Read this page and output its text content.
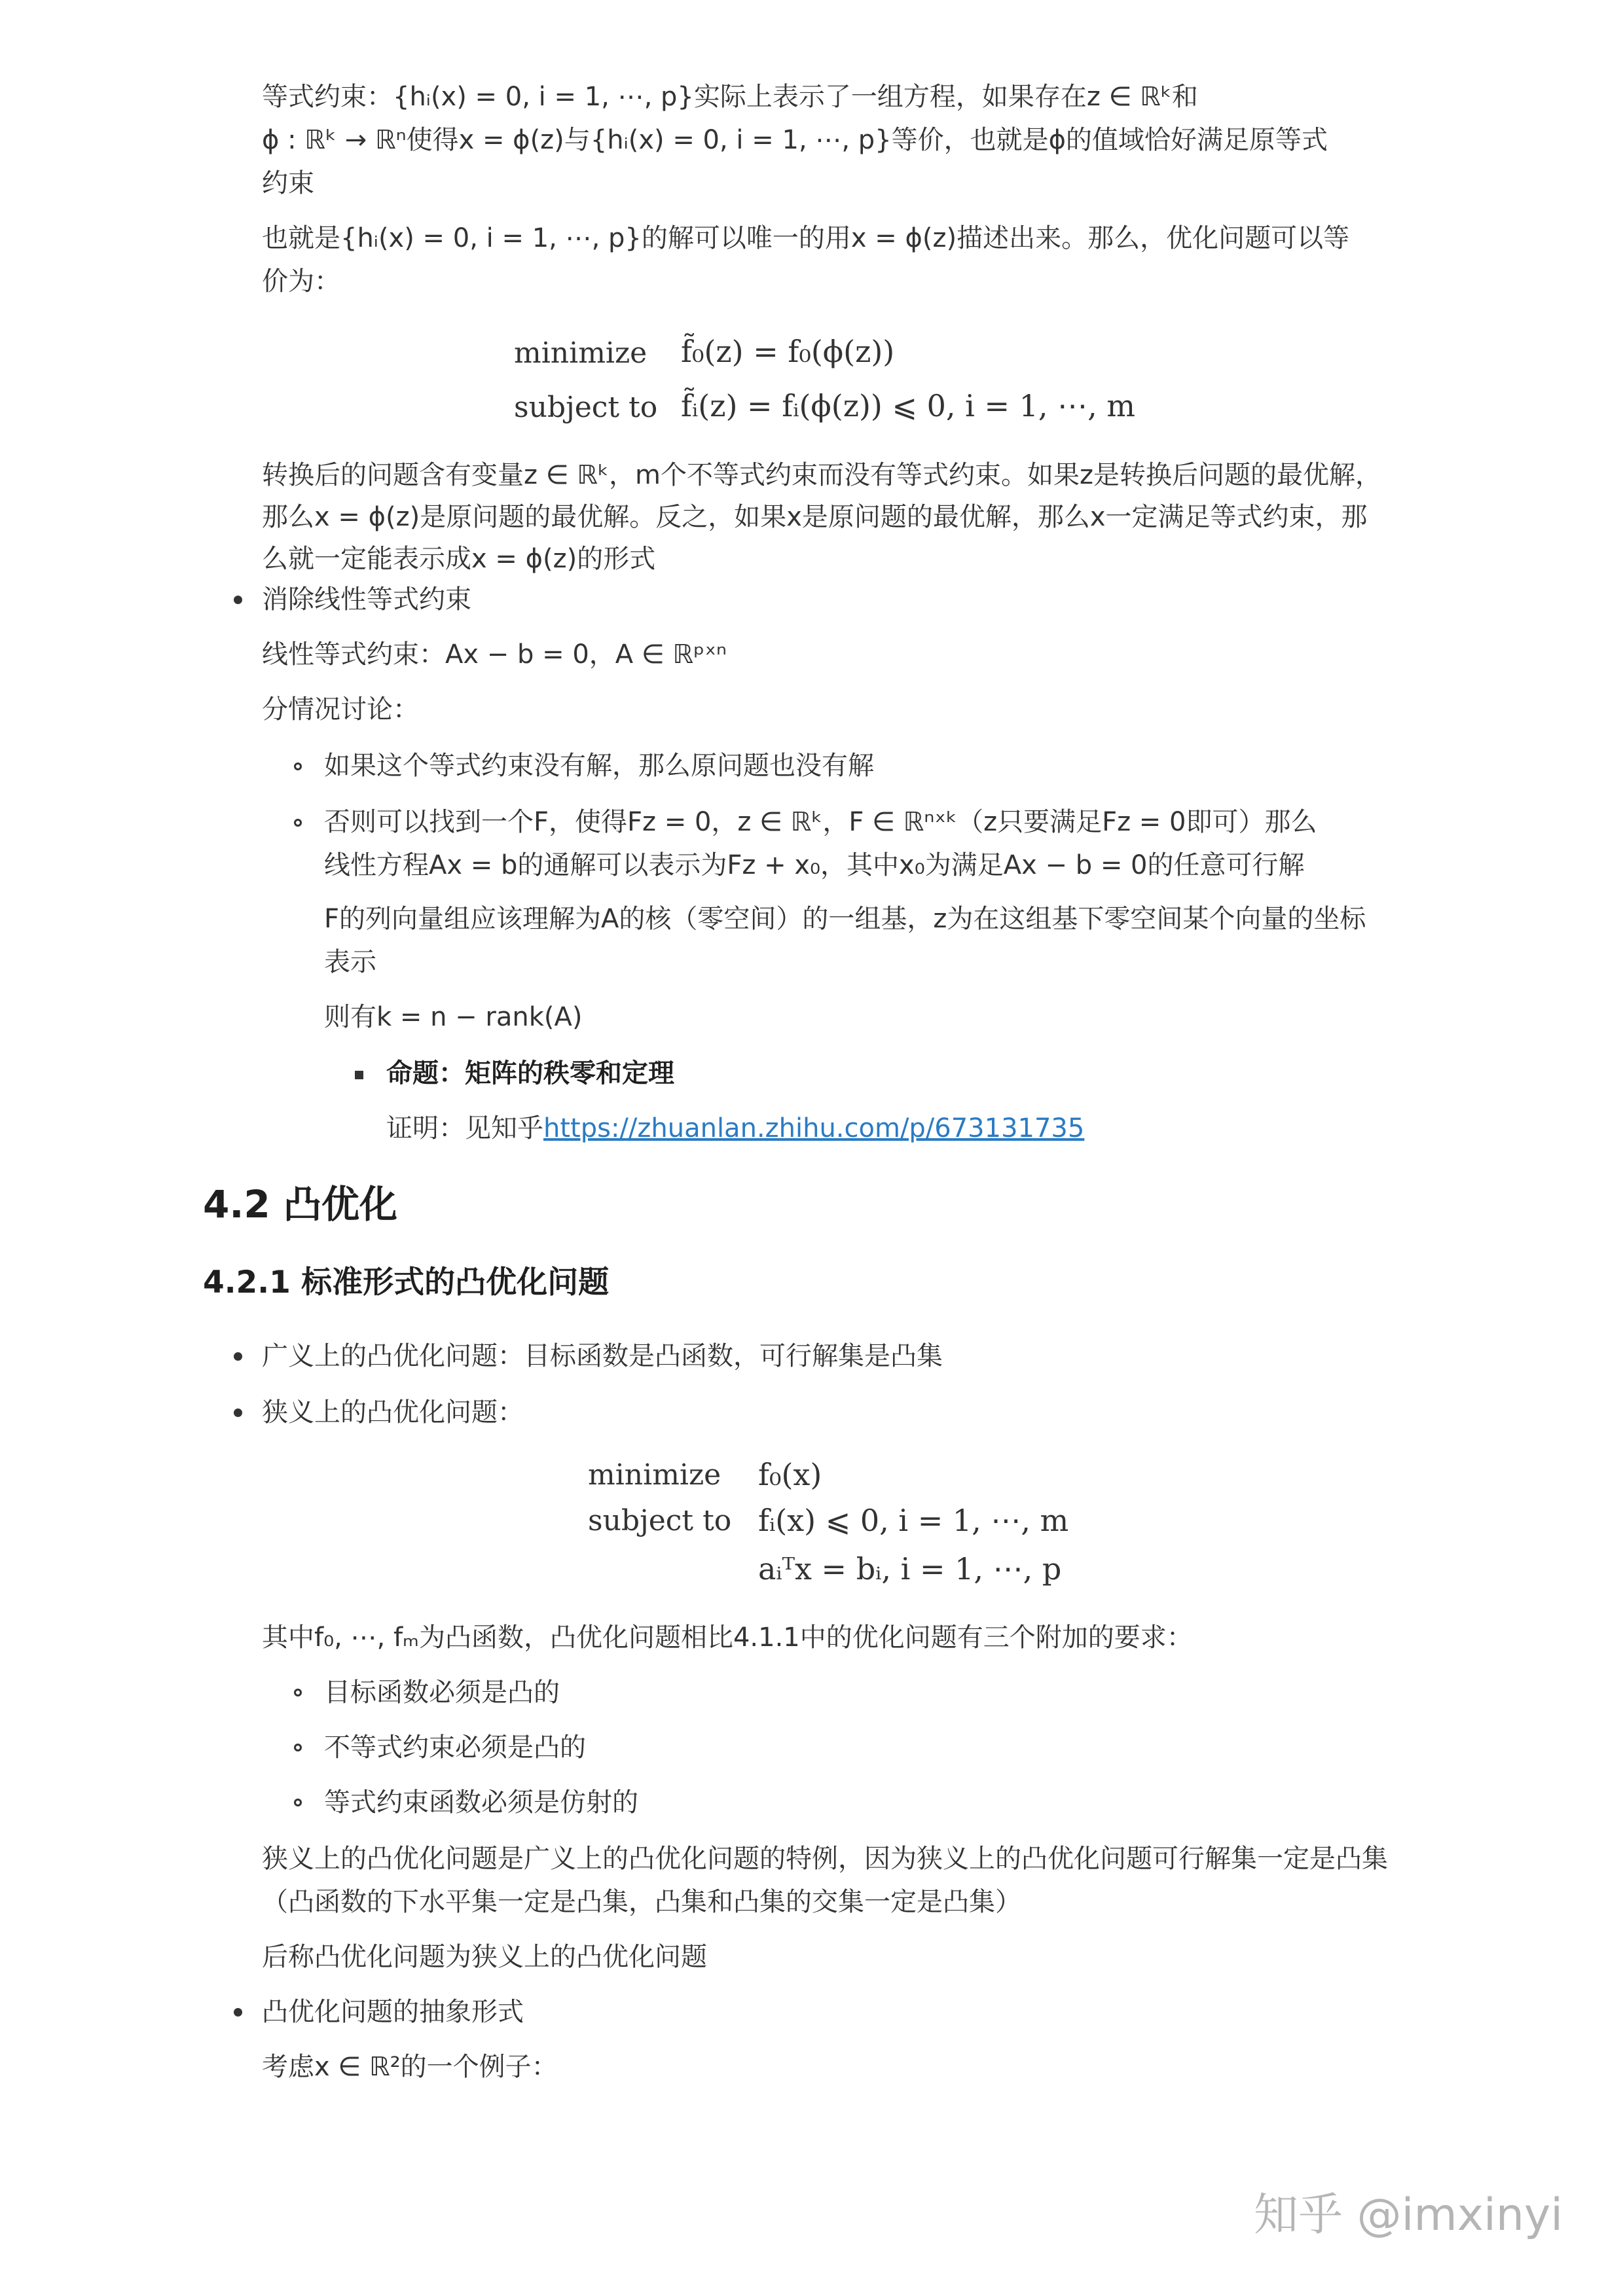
等式约束：{hᵢ(x) = 0, i = 1, ⋯, p}实际上表示了一组方程，如果存在z ∈ ℝᵏ和
ϕ : ℝᵏ → ℝⁿ使得x = ϕ(z)与{hᵢ(x) = 0, i = 1, ⋯, p}等价，也就是ϕ的值域恰好满足原等式
约束
也就是{hᵢ(x) = 0, i = 1, ⋯, p}的解可以唯一的用x = ϕ(z)描述出来。那么，优化问题可以等
价为：
minimize f̃₀(z) = f₀(ϕ(z))
subject to f̃ᵢ(z) = fᵢ(ϕ(z)) ⩽ 0, i = 1, ⋯, m
转换后的问题含有变量z ∈ ℝᵏ，m个不等式约束而没有等式约束。如果z是转换后问题的最优解，
那么x = ϕ(z)是原问题的最优解。反之，如果x是原问题的最优解，那么x一定满足等式约束，那
么就一定能表示成x = ϕ(z)的形式
消除线性等式约束
线性等式约束：Ax − b = 0，A ∈ ℝᵖˣⁿ
分情况讨论：
如果这个等式约束没有解，那么原问题也没有解
否则可以找到一个F，使得Fz = 0，z ∈ ℝᵏ，F ∈ ℝⁿˣᵏ（z只要满足Fz = 0即可）那么
线性方程Ax = b的通解可以表示为Fz + x₀，其中x₀为满足Ax − b = 0的任意可行解
F的列向量组应该理解为A的核（零空间）的一组基，z为在这组基下零空间某个向量的坐标
表示
则有k = n − rank(A)
命题：矩阵的秩零和定理
证明：见知乎https://zhuanlan.zhihu.com/p/673131735
4.2 凸优化
4.2.1 标准形式的凸优化问题
广义上的凸优化问题：目标函数是凸函数，可行解集是凸集
狭义上的凸优化问题：
minimize f₀(x)
subject to fᵢ(x) ⩽ 0, i = 1, ⋯, m
aᵢᵀx = bᵢ, i = 1, ⋯, p
其中f₀, ⋯, fₘ为凸函数，凸优化问题相比4.1.1中的优化问题有三个附加的要求：
目标函数必须是凸的
不等式约束必须是凸的
等式约束函数必须是仿射的
狭义上的凸优化问题是广义上的凸优化问题的特例，因为狭义上的凸优化问题可行解集一定是凸集
（凸函数的下水平集一定是凸集，凸集和凸集的交集一定是凸集）
后称凸优化问题为狭义上的凸优化问题
凸优化问题的抽象形式
考虑x ∈ ℝ²的一个例子：
知乎 @imxinyi
